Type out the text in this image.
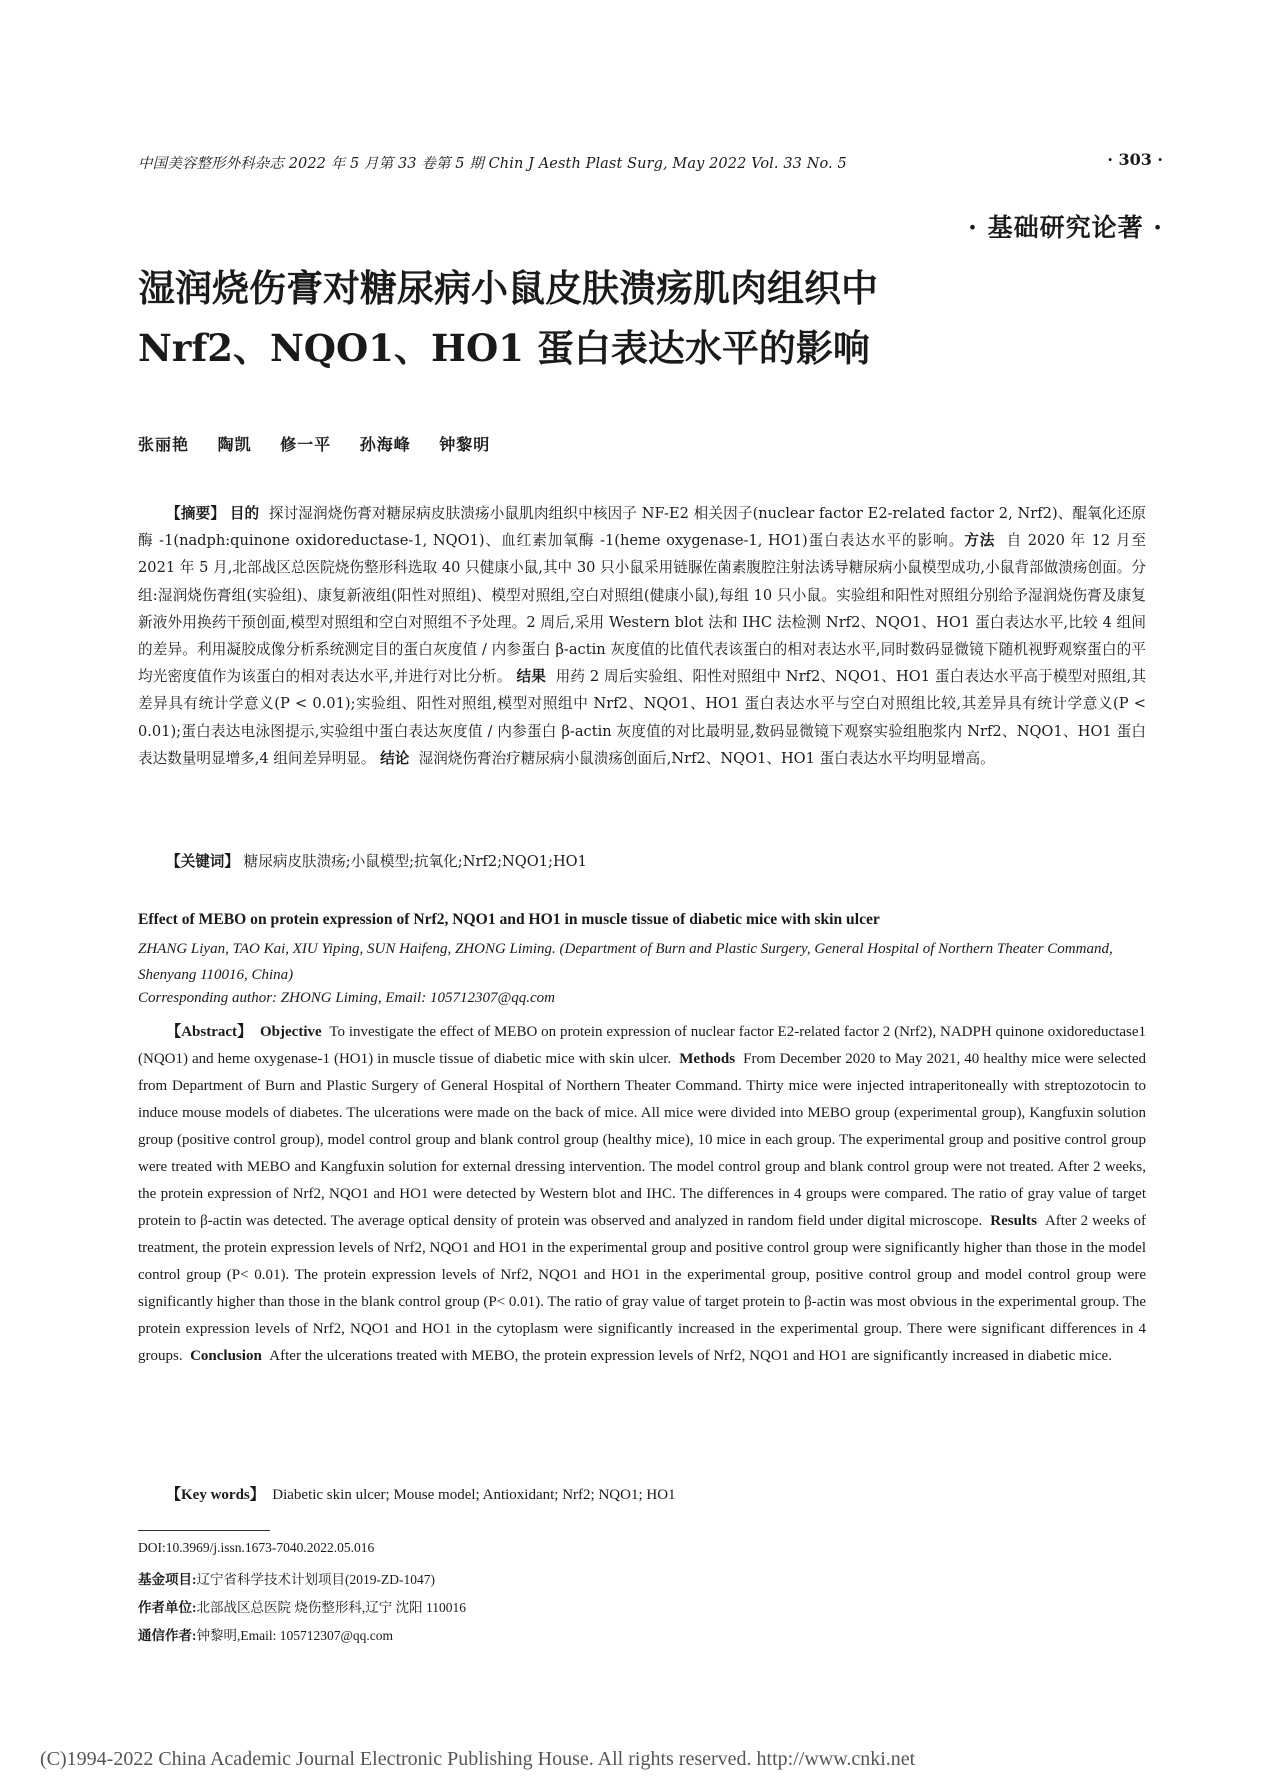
中国美容整形外科杂志 2022 年 5 月第 33 卷第 5 期 Chin J Aesth Plast Surg, May 2022 Vol. 33 No. 5	· 303 ·
· 基础研究论著 ·
湿润烧伤膏对糖尿病小鼠皮肤溃疡肌肉组织中
Nrf2、NQO1、HO1 蛋白表达水平的影响
张丽艳 陶凯 修一平 孙海峰 钟黎明
【摘要】 目的 探讨湿润烧伤膏对糖尿病皮肤溃疡小鼠肌肉组织中核因子 NF-E2 相关因子(nuclear factor E2-related factor 2, Nrf2)、醌氧化还原酶 -1(nadph:quinone oxidoreductase-1, NQO1)、血红素加氧酶 -1(heme oxygenase-1, HO1)蛋白表达水平的影响。方法 自 2020 年 12 月至 2021 年 5 月,北部战区总医院烧伤整形科选取 40 只健康小鼠,其中 30 只小鼠采用链脲佐菌素腹腔注射法诱导糖尿病小鼠模型成功,小鼠背部做溃疡创面。分组:湿润烧伤膏组(实验组)、康复新液组(阳性对照组)、模型对照组,空白对照组(健康小鼠),每组 10 只小鼠。实验组和阳性对照组分别给予湿润烧伤膏及康复新液外用换药干预创面,模型对照组和空白对照组不予处理。2 周后,采用 Western blot 法和 IHC 法检测 Nrf2、NQO1、HO1 蛋白表达水平,比较 4 组间的差异。利用凝胶成像分析系统测定目的蛋白灰度值 / 内参蛋白 β-actin 灰度值的比值代表该蛋白的相对表达水平,同时数码显微镜下随机视野观察蛋白的平均光密度值作为该蛋白的相对表达水平,并进行对比分析。 结果 用药 2 周后实验组、阳性对照组中 Nrf2、NQO1、HO1 蛋白表达水平高于模型对照组,其差异具有统计学意义(P < 0.01);实验组、阳性对照组,模型对照组中 Nrf2、NQO1、HO1 蛋白表达水平与空白对照组比较,其差异具有统计学意义(P < 0.01);蛋白表达电泳图提示,实验组中蛋白表达灰度值 / 内参蛋白 β-actin 灰度值的对比最明显,数码显微镜下观察实验组胞浆内 Nrf2、NQO1、HO1 蛋白表达数量明显增多,4 组间差异明显。 结论 湿润烧伤膏治疗糖尿病小鼠溃疡创面后,Nrf2、NQO1、HO1 蛋白表达水平均明显增高。
【关键词】 糖尿病皮肤溃疡;小鼠模型;抗氧化;Nrf2;NQO1;HO1
Effect of MEBO on protein expression of Nrf2, NQO1 and HO1 in muscle tissue of diabetic mice with skin ulcer
ZHANG Liyan, TAO Kai, XIU Yiping, SUN Haifeng, ZHONG Liming. (Department of Burn and Plastic Surgery, General Hospital of Northern Theater Command, Shenyang 110016, China)
Corresponding author: ZHONG Liming, Email: 105712307@qq.com
【Abstract】 Objective To investigate the effect of MEBO on protein expression of nuclear factor E2-related factor 2 (Nrf2), NADPH quinone oxidoreductase1 (NQO1) and heme oxygenase-1 (HO1) in muscle tissue of diabetic mice with skin ulcer. Methods From December 2020 to May 2021, 40 healthy mice were selected from Department of Burn and Plastic Surgery of General Hospital of Northern Theater Command. Thirty mice were injected intraperitoneally with streptozotocin to induce mouse models of diabetes. The ulcerations were made on the back of mice. All mice were divided into MEBO group (experimental group), Kangfuxin solution group (positive control group), model control group and blank control group (healthy mice), 10 mice in each group. The experimental group and positive control group were treated with MEBO and Kangfuxin solution for external dressing intervention. The model control group and blank control group were not treated. After 2 weeks, the protein expression of Nrf2, NQO1 and HO1 were detected by Western blot and IHC. The differences in 4 groups were compared. The ratio of gray value of target protein to β-actin was detected. The average optical density of protein was observed and analyzed in random field under digital microscope. Results After 2 weeks of treatment, the protein expression levels of Nrf2, NQO1 and HO1 in the experimental group and positive control group were significantly higher than those in the model control group (P< 0.01). The protein expression levels of Nrf2, NQO1 and HO1 in the experimental group, positive control group and model control group were significantly higher than those in the blank control group (P< 0.01). The ratio of gray value of target protein to β-actin was most obvious in the experimental group. The protein expression levels of Nrf2, NQO1 and HO1 in the cytoplasm were significantly increased in the experimental group. There were significant differences in 4 groups. Conclusion After the ulcerations treated with MEBO, the protein expression levels of Nrf2, NQO1 and HO1 are significantly increased in diabetic mice.
【Key words】 Diabetic skin ulcer; Mouse model; Antioxidant; Nrf2; NQO1; HO1
DOI:10.3969/j.issn.1673-7040.2022.05.016
基金项目:辽宁省科学技术计划项目(2019-ZD-1047)
作者单位:北部战区总医院 烧伤整形科,辽宁 沈阳 110016
通信作者:钟黎明,Email: 105712307@qq.com
(C)1994-2022 China Academic Journal Electronic Publishing House. All rights reserved. http://www.cnki.net
